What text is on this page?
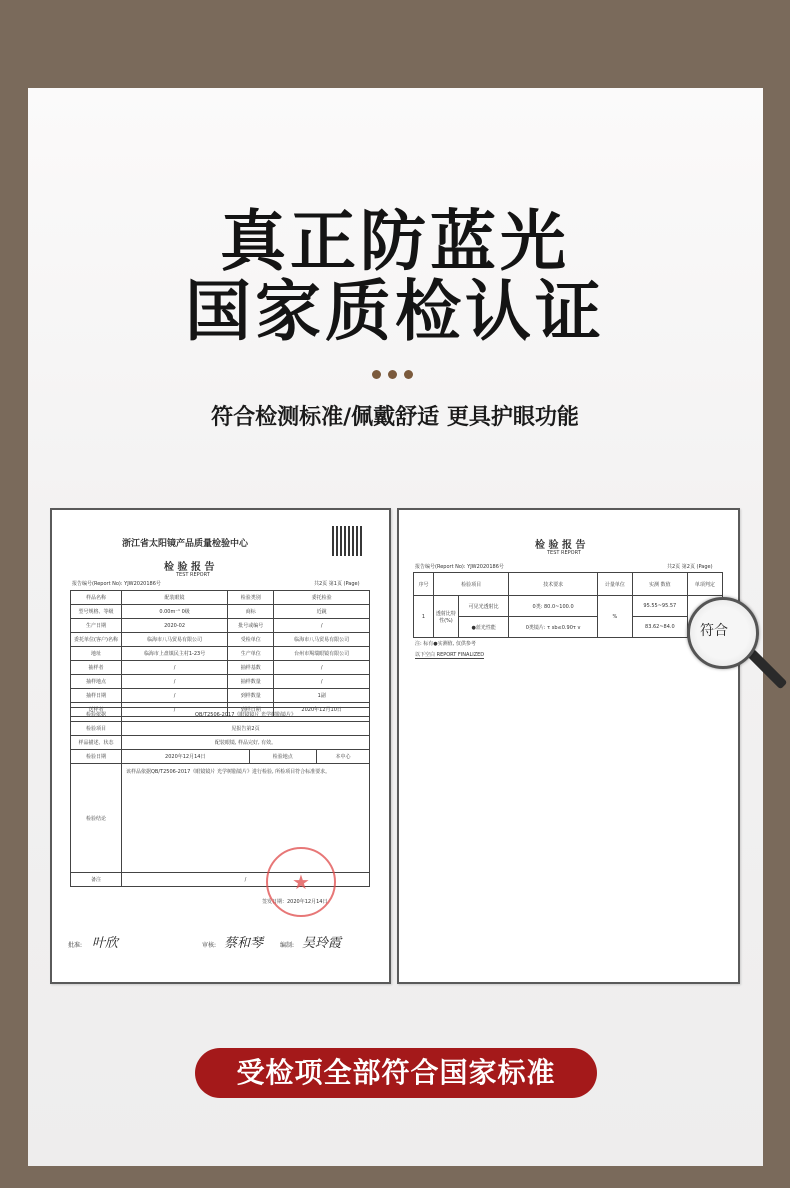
真正防蓝光
国家质检认证
符合检测标准/佩戴舒适 更具护眼功能
浙江省太阳镜产品质量检验中心
检 验 报 告
TEST REPORT
报告编号(Report No): YJW2020186号	共2页 第1页 (Page)
样品名称	配装眼镜	检验类别	委托检验
型号规格、等级	0.00m⁻¹ 0级	商标	近銳
生产日期	2020-02	批号或编号	/
委托单位(客户)名称	临海市八马贸易有限公司	受检单位	临海市八马贸易有限公司
地址	临海市上盘镇民主村1-23号	生产单位	台州市羯瑞眼镜有限公司
抽样者	/	抽样基数	/
抽样地点	/	抽样数量	/
抽样日期	/	到样数量	1副
送样者	/	到样日期	2020年12月10日
检验依据	QB/T2506-2017《眼镜镜片 光学树脂镜片》		
检验项目	见报告第2页		
样品描述、状态	配装眼镜, 样品完好, 有效。		
检验日期	2020年12月14日	检验地点	本中心
检验结论	该样品依据QB/T2506-2017《眼镜镜片 光学树脂镜片》进行检验, 所检项目符合标准要求。		
备注	/		
签发日期：2020年12月14日
★
批准: 叶欣	审核: 蔡和琴	编制: 吴玲霞
检 验 报 告
TEST REPORT
报告编号(Report No): YJW2020186号	共2页 第2页 (Page)
序号	检验项目		技术要求	计量单位	实测 数值	单项判定
1	透射比特性(%)	可见光透射比	0类: 80.0~100.0	%	95.55~95.57	
		●蓝光性能	0类镜片: τ sb≤0.90τ v		83.62~84.0	
注: 标有●实测值, 仅供参考
以下空白 REPORT FINALIZED
符合
受检项全部符合国家标准
